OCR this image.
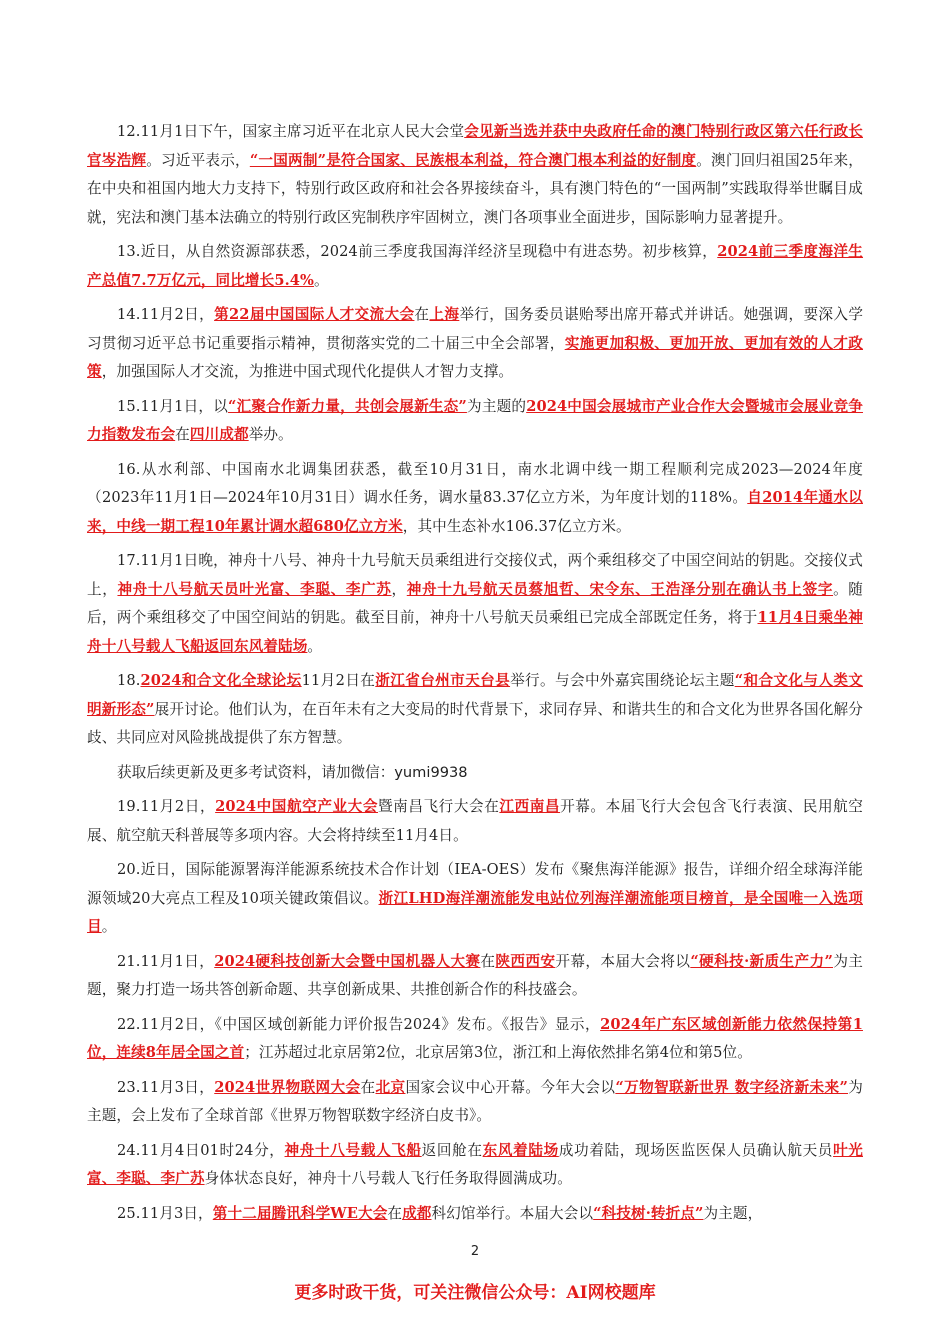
12.11月1日下午，国家主席习近平在北京人民大会堂会见新当选并获中央政府任命的澳门特别行政区第六任行政长官岑浩辉。习近平表示，“一国两制”是符合国家、民族根本利益，符合澳门根本利益的好制度。澳门回归祖国25年来，在中央和祖国内地大力支持下，特别行政区政府和社会各界接续奋斗，具有澳门特色的“一国两制”实践取得举世瞩目成就，宪法和澳门基本法确立的特别行政区宪制秩序牢固树立，澳门各项事业全面进步，国际影响力显著提升。

13.近日，从自然资源部获悉，2024前三季度我国海洋经济呈现稳中有进态势。初步核算，2024前三季度海洋生产总值7.7万亿元，同比增长5.4%。

14.11月2日，第22届中国国际人才交流大会在上海举行，国务委员谌贻琴出席开幕式并讲话。她强调，要深入学习贯彻习近平总书记重要指示精神，贯彻落实党的二十届三中全会部署，实施更加积极、更加开放、更加有效的人才政策，加强国际人才交流，为推进中国式现代化提供人才智力支撑。

15.11月1日，以“汇聚合作新力量，共创会展新生态”为主题的2024中国会展城市产业合作大会暨城市会展业竞争力指数发布会在四川成都举办。

16.从水利部、中国南水北调集团获悉，截至10月31日，南水北调中线一期工程顺利完成2023—2024年度（2023年11月1日—2024年10月31日）调水任务，调水量83.37亿立方米，为年度计划的118%。自2014年通水以来，中线一期工程10年累计调水超680亿立方米，其中生态补水106.37亿立方米。

17.11月1日晚，神舟十八号、神舟十九号航天员乘组进行交接仪式，两个乘组移交了中国空间站的钥匙。交接仪式上，神舟十八号航天员叶光富、李聪、李广苏，神舟十九号航天员蔡旭哲、宋令东、王浩泽分别在确认书上签字。随后，两个乘组移交了中国空间站的钥匙。截至目前，神舟十八号航天员乘组已完成全部既定任务，将于11月4日乘坐神舟十八号载人飞船返回东风着陆场。

18.2024和合文化全球论坛11月2日在浙江省台州市天台县举行。与会中外嘉宾围绕论坛主题“和合文化与人类文明新形态”展开讨论。他们认为，在百年未有之大变局的时代背景下，求同存异、和谐共生的和合文化为世界各国化解分歧、共同应对风险挑战提供了东方智慧。

获取后续更新及更多考试资料，请加微信：yumi9938

19.11月2日，2024中国航空产业大会暨南昌飞行大会在江西南昌开幕。本届飞行大会包含飞行表演、民用航空展、航空航天科普展等多项内容。大会将持续至11月4日。

20.近日，国际能源署海洋能源系统技术合作计划（IEA-OES）发布《聚焦海洋能源》报告，详细介绍全球海洋能源领域20大亮点工程及10项关键政策倡议。浙江LHD海洋潮流能发电站位列海洋潮流能项目榜首，是全国唯一入选项目。

21.11月1日，2024硬科技创新大会暨中国机器人大赛在陕西西安开幕，本届大会将以“硬科技·新质生产力”为主题，聚力打造一场共答创新命题、共享创新成果、共推创新合作的科技盛会。

22.11月2日，《中国区域创新能力评价报告2024》发布。《报告》显示，2024年广东区域创新能力依然保持第1位，连续8年居全国之首；江苏超过北京居第2位，北京居第3位，浙江和上海依然排名第4位和第5位。

23.11月3日，2024世界物联网大会在北京国家会议中心开幕。今年大会以“万物智联新世界 数字经济新未来”为主题，会上发布了全球首部《世界万物智联数字经济白皮书》。

24.11月4日01时24分，神舟十八号载人飞船返回舱在东风着陆场成功着陆，现场医监医保人员确认航天员叶光富、李聪、李广苏身体状态良好，神舟十八号载人飞行任务取得圆满成功。

25.11月3日，第十二届腾讯科学WE大会在成都科幻馆举行。本届大会以“科技树·转折点”为主题，

2
更多时政干货，可关注微信公众号：AI网校题库
